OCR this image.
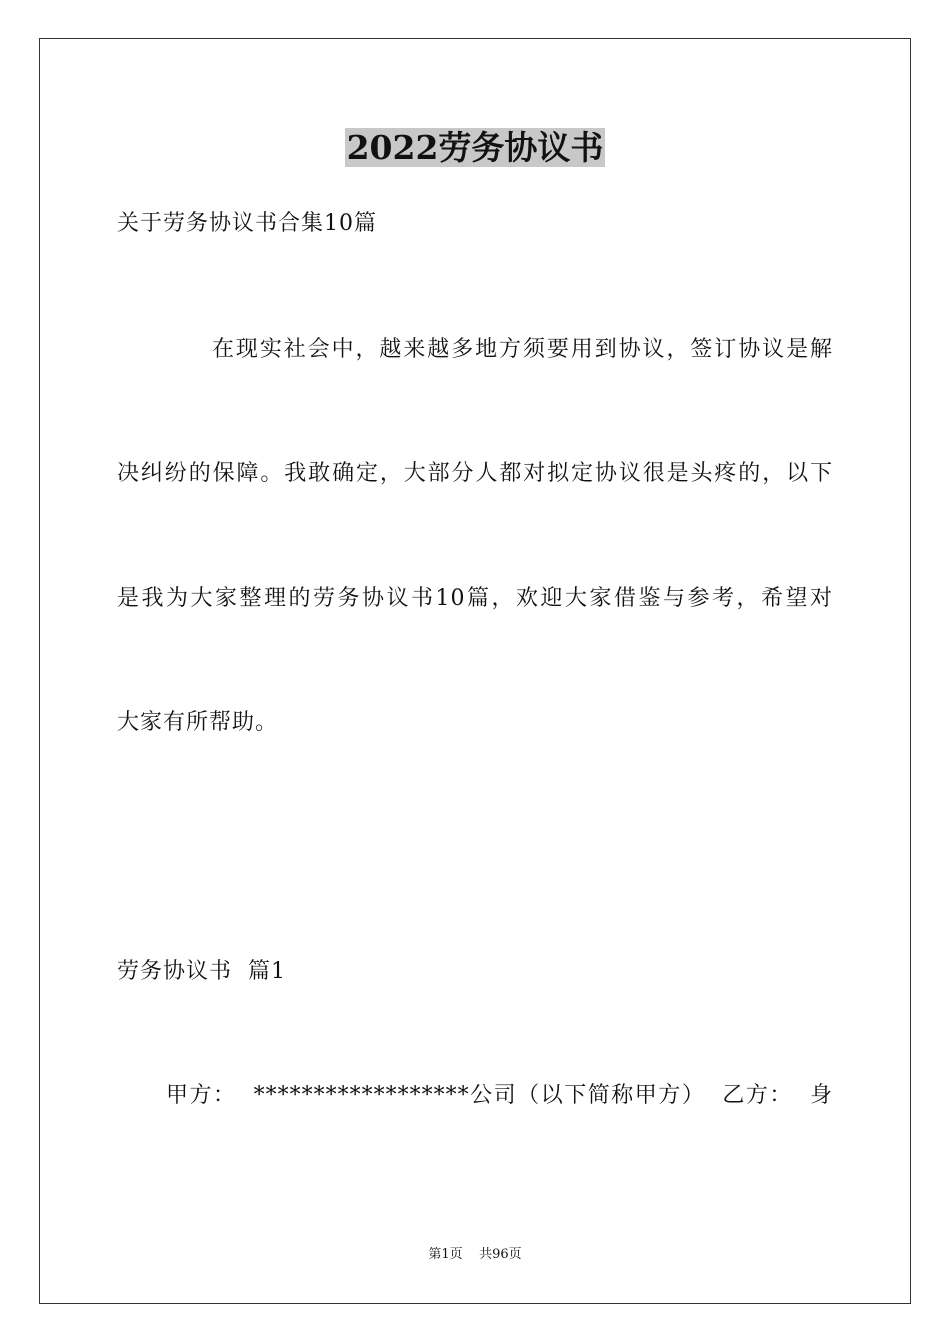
2022劳务协议书
关于劳务协议书合集10篇
在现实社会中，越来越多地方须要用到协议，签订协议是解
决纠纷的保障。我敢确定，大部分人都对拟定协议很是头疼的，以下
是我为大家整理的劳务协议书10篇，欢迎大家借鉴与参考，希望对
大家有所帮助。
劳务协议书  篇1
甲方：  ******************公司（以下简称甲方）  乙方：  身
第1页    共96页
